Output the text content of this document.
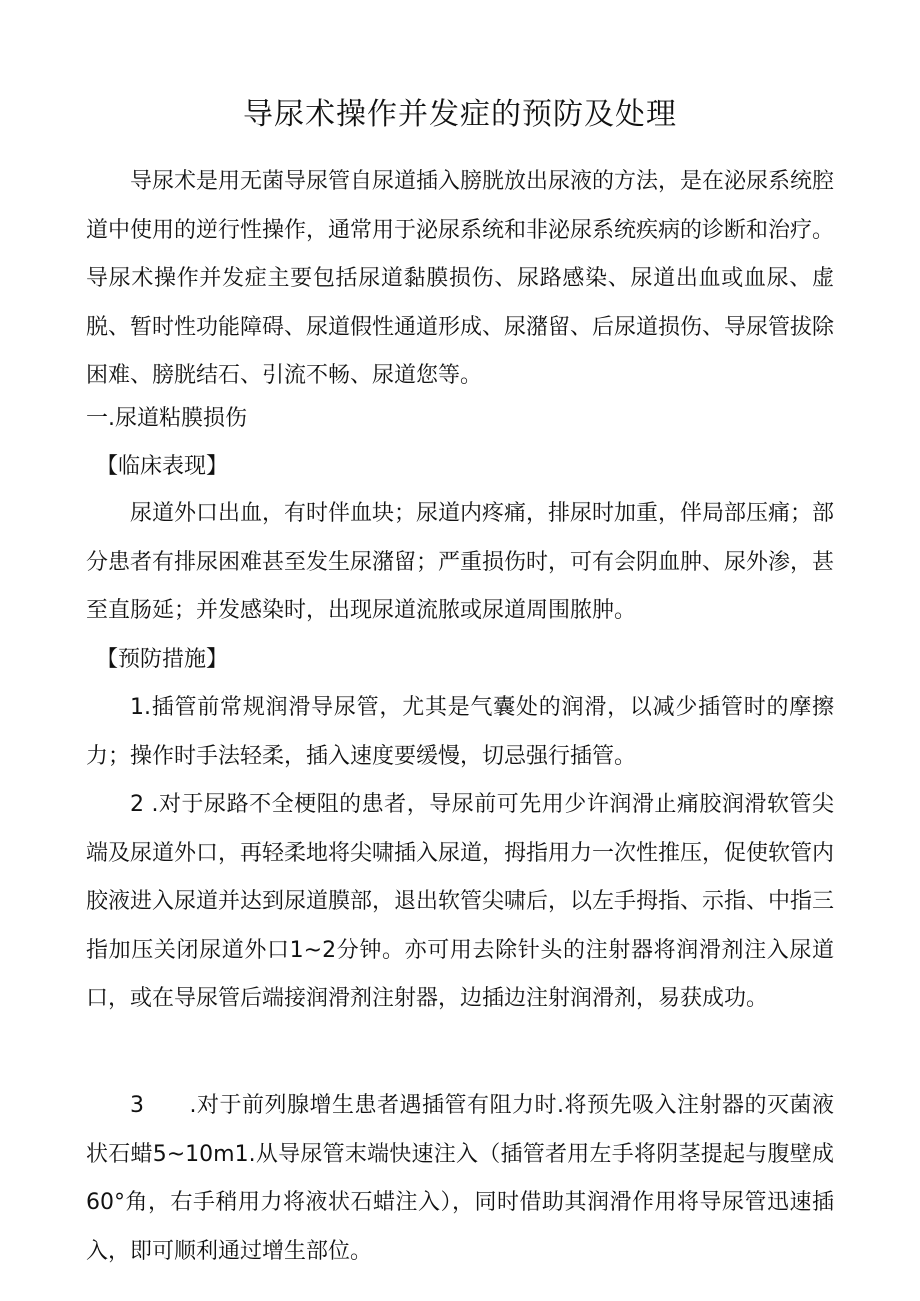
导尿术操作并发症的预防及处理

导尿术是用无菌导尿管自尿道插入膀胱放出尿液的方法，是在泌尿系统腔道中使用的逆行性操作，通常用于泌尿系统和非泌尿系统疾病的诊断和治疗。导尿术操作并发症主要包括尿道黏膜损伤、尿路感染、尿道出血或血尿、虚脱、暂时性功能障碍、尿道假性通道形成、尿潴留、后尿道损伤、导尿管拔除困难、膀胱结石、引流不畅、尿道您等。

一.尿道粘膜损伤
【临床表现】

尿道外口出血，有时伴血块；尿道内疼痛，排尿时加重，伴局部压痛；部分患者有排尿困难甚至发生尿潴留；严重损伤时，可有会阴血肿、尿外渗，甚至直肠延；并发感染时，出现尿道流脓或尿道周围脓肿。

【预防措施】

1.插管前常规润滑导尿管，尤其是气囊处的润滑，以减少插管时的摩擦力；操作时手法轻柔，插入速度要缓慢，切忌强行插管。

2 .对于尿路不全梗阻的患者，导尿前可先用少许润滑止痛胶润滑软管尖端及尿道外口，再轻柔地将尖啸插入尿道，拇指用力一次性推压，促使软管内胶液进入尿道并达到尿道膜部，退出软管尖啸后，以左手拇指、示指、中指三指加压关闭尿道外口1~2分钟。亦可用去除针头的注射器将润滑剂注入尿道口，或在导尿管后端接润滑剂注射器，边插边注射润滑剂，易获成功。

3　　.对于前列腺增生患者遇插管有阻力时.将预先吸入注射器的灭菌液状石蜡5~10m1.从导尿管末端快速注入（插管者用左手将阴茎提起与腹壁成60°角，右手稍用力将液状石蜡注入），同时借助其润滑作用将导尿管迅速插入，即可顺利通过增生部位。
